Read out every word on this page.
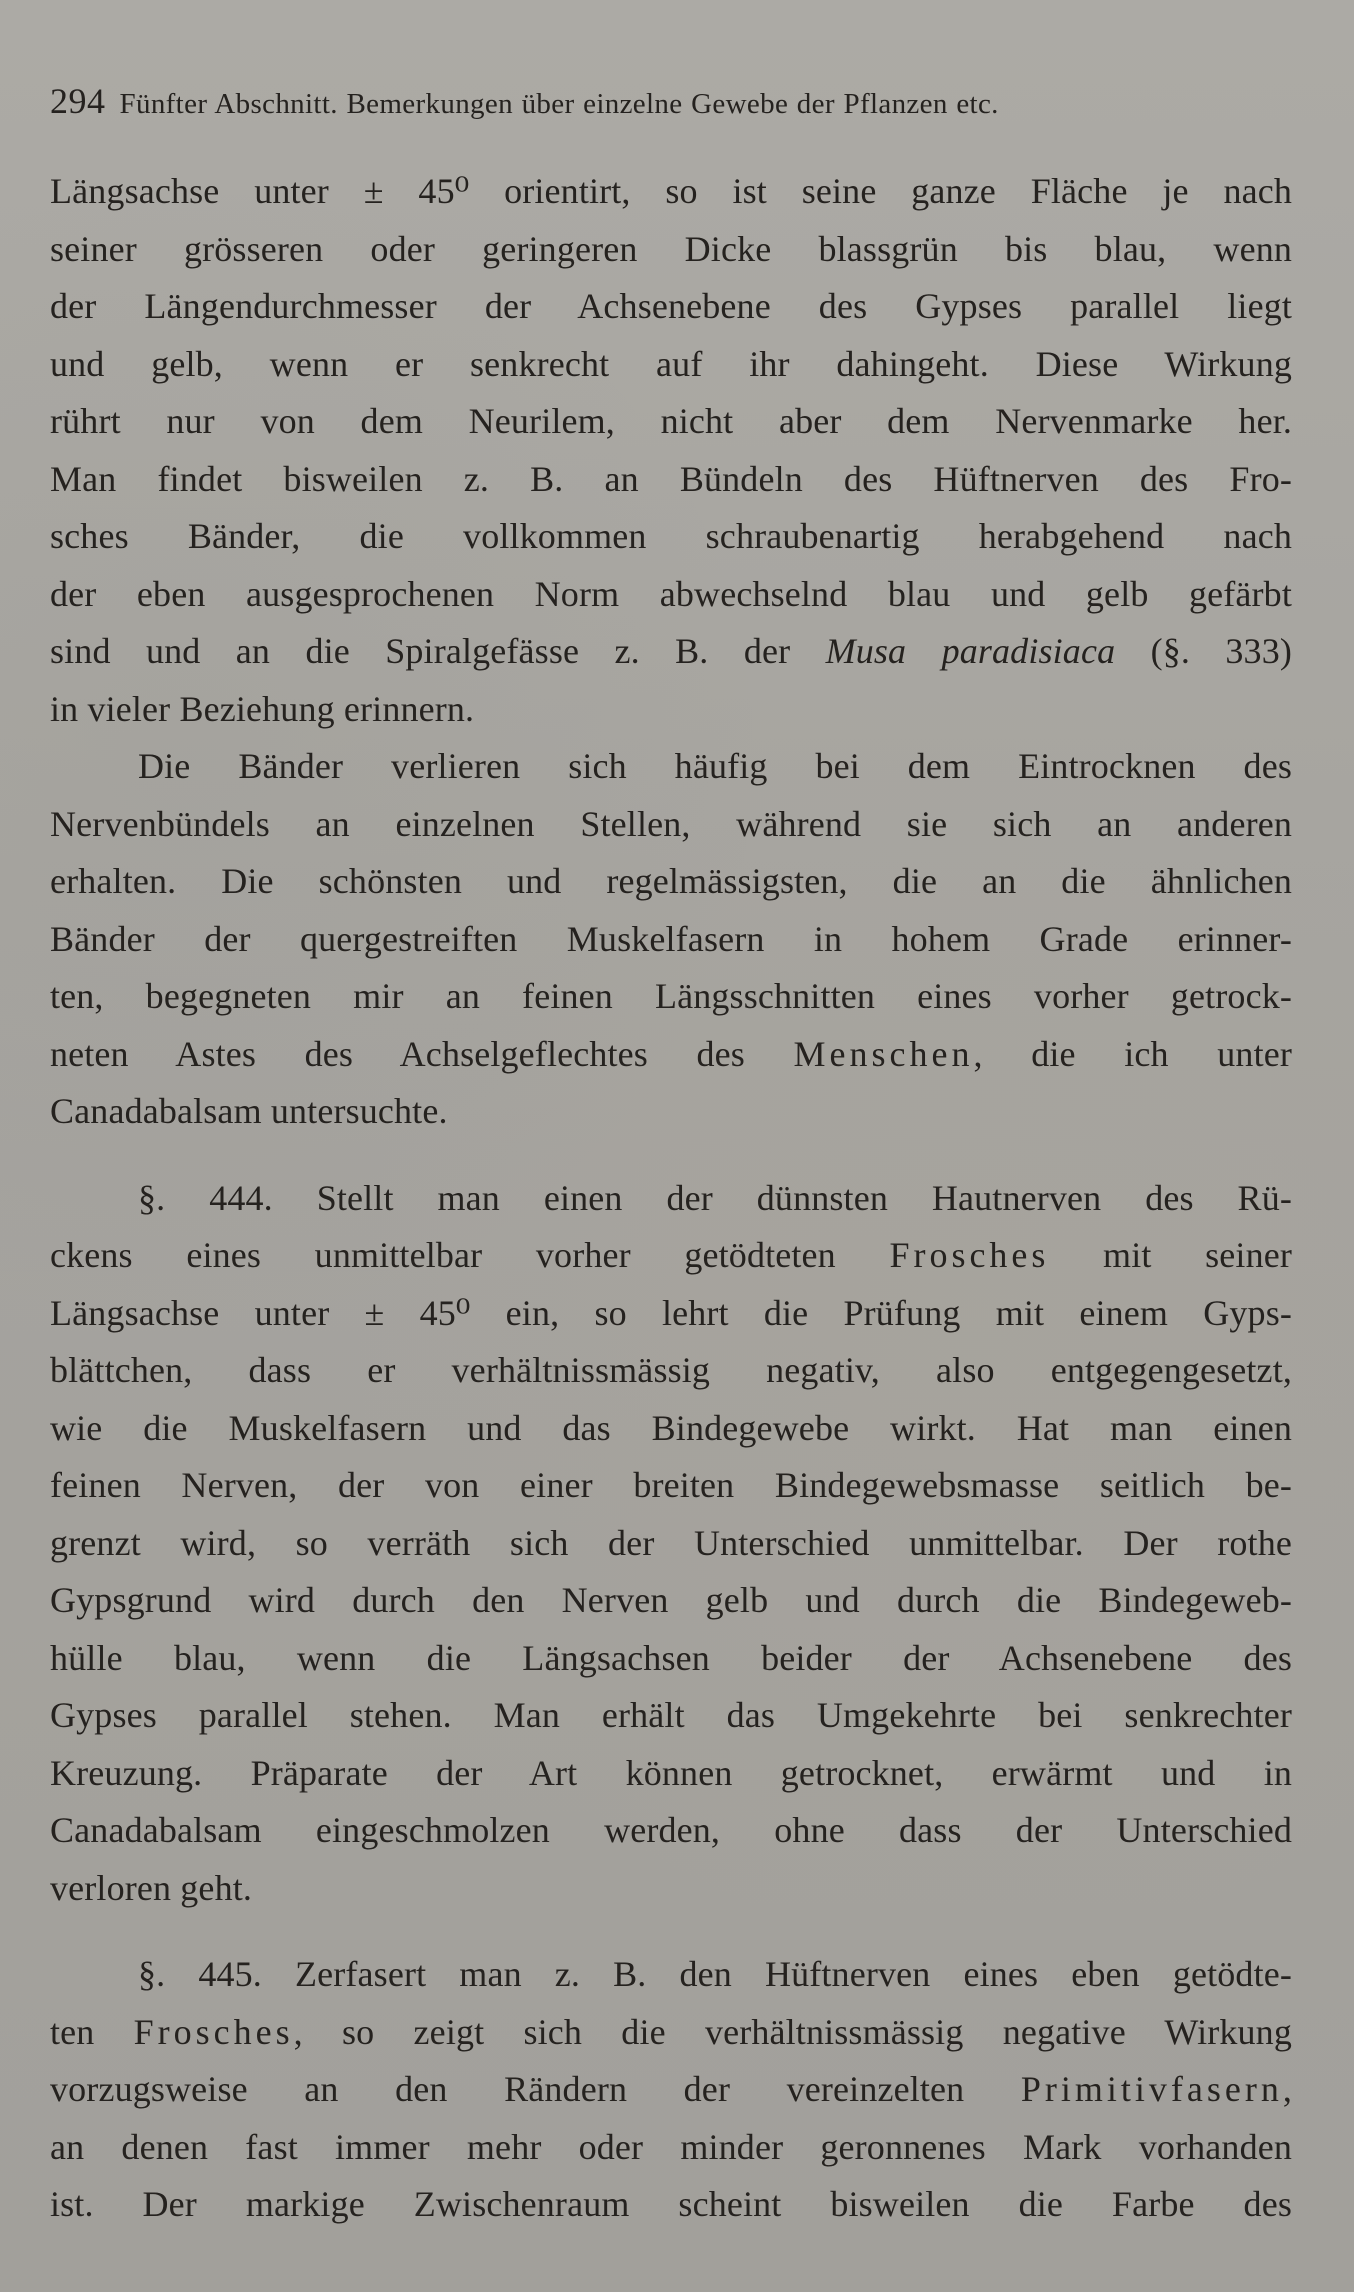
294 Fünfter Abschnitt. Bemerkungen über einzelne Gewebe der Pflanzen etc.
Längsachse unter ± 45⁰ orientirt, so ist seine ganze Fläche je nach
seiner grösseren oder geringeren Dicke blassgrün bis blau, wenn
der Längendurchmesser der Achsenebene des Gypses parallel liegt
und gelb, wenn er senkrecht auf ihr dahingeht. Diese Wirkung
rührt nur von dem Neurilem, nicht aber dem Nervenmarke her.
Man findet bisweilen z. B. an Bündeln des Hüftnerven des Fro-
sches Bänder, die vollkommen schraubenartig herabgehend nach
der eben ausgesprochenen Norm abwechselnd blau und gelb gefärbt
sind und an die Spiralgefässe z. B. der Musa paradisiaca (§. 333)
in vieler Beziehung erinnern.
Die Bänder verlieren sich häufig bei dem Eintrocknen des
Nervenbündels an einzelnen Stellen, während sie sich an anderen
erhalten. Die schönsten und regelmässigsten, die an die ähnlichen
Bänder der quergestreiften Muskelfasern in hohem Grade erinner-
ten, begegneten mir an feinen Längsschnitten eines vorher getrock-
neten Astes des Achselgeflechtes des Menschen, die ich unter
Canadabalsam untersuchte.
§. 444. Stellt man einen der dünnsten Hautnerven des Rü-
ckens eines unmittelbar vorher getödteten Frosches mit seiner
Längsachse unter ± 45⁰ ein, so lehrt die Prüfung mit einem Gyps-
blättchen, dass er verhältnissmässig negativ, also entgegengesetzt,
wie die Muskelfasern und das Bindegewebe wirkt. Hat man einen
feinen Nerven, der von einer breiten Bindegewebsmasse seitlich be-
grenzt wird, so verräth sich der Unterschied unmittelbar. Der rothe
Gypsgrund wird durch den Nerven gelb und durch die Bindegeweb-
hülle blau, wenn die Längsachsen beider der Achsenebene des
Gypses parallel stehen. Man erhält das Umgekehrte bei senkrechter
Kreuzung. Präparate der Art können getrocknet, erwärmt und in
Canadabalsam eingeschmolzen werden, ohne dass der Unterschied
verloren geht.
§. 445. Zerfasert man z. B. den Hüftnerven eines eben getödte-
ten Frosches, so zeigt sich die verhältnissmässig negative Wirkung
vorzugsweise an den Rändern der vereinzelten Primitivfasern,
an denen fast immer mehr oder minder geronnenes Mark vorhanden
ist. Der markige Zwischenraum scheint bisweilen die Farbe des
